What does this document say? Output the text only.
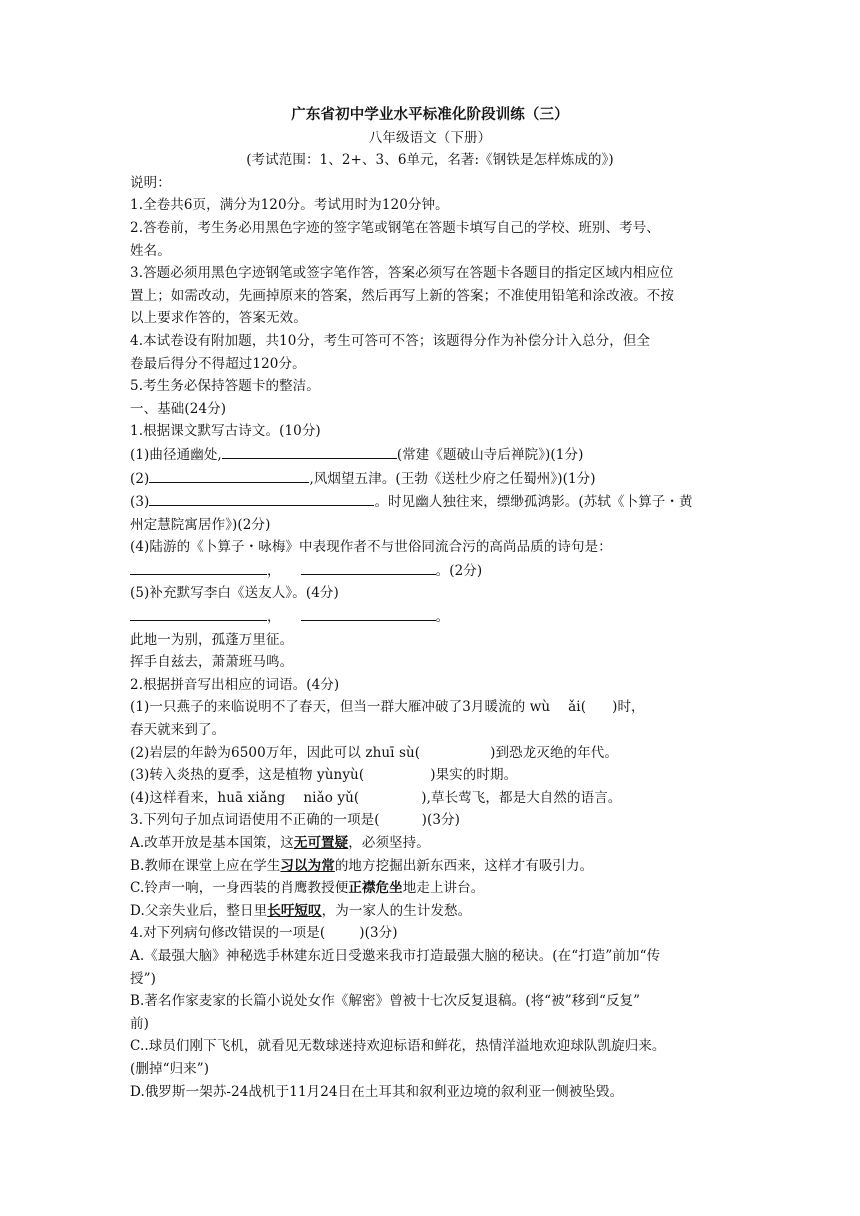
广东省初中学业水平标准化阶段训练（三）
八年级语文（下册）
(考试范围：1、2+、3、6单元，名著:《钢铁是怎样炼成的》)
说明：
1.全卷共6页，满分为120分。考试用时为120分钟。
2.答卷前，考生务必用黑色字迹的签字笔或钢笔在答题卡填写自己的学校、班别、考号、
姓名。
3.答题必须用黑色字迹钢笔或签字笔作答，答案必须写在答题卡各题目的指定区域内相应位
置上；如需改动，先画掉原来的答案，然后再写上新的答案；不准使用铅笔和涂改液。不按
以上要求作答的，答案无效。
4.本试卷设有附加题，共10分，考生可答可不答；该题得分作为补偿分计入总分，但全
卷最后得分不得超过120分。
5.考生务必保持答题卡的整洁。
一、基础(24分)
1.根据课文默写古诗文。(10分)
(1)曲径通幽处,	(常建《题破山寺后禅院》)(1分)
(2)	,风烟望五津。(王勃《送杜少府之任蜀州》)(1分)
(3)	。时见幽人独往来，缥缈孤鸿影。(苏轼《卜算子・黄
州定慧院寓居作》)(2分)
(4)陆游的《卜算子・咏梅》中表现作者不与世俗同流合污的高尚品质的诗句是：
，	。(2分)
(5)补充默写李白《送友人》。(4分)
，	。
此地一为别，孤蓬万里征。
挥手自兹去，萧萧班马鸣。
2.根据拼音写出相应的词语。(4分)
(1)一只燕子的来临说明不了春天，但当一群大雁冲破了3月暖流的 wù ǎi( )时，
春天就来到了。
(2)岩层的年龄为6500万年，因此可以 zhuī sù(	)到恐龙灭绝的年代。
(3)转入炎热的夏季，这是植物 yùnyù(	)果实的时期。
(4)这样看来，huā xiǎng niǎo yǔ(	),草长莺飞，都是大自然的语言。
3.下列句子加点词语使用不正确的一项是(	)(3分)
A.改革开放是基本国策，这无可置疑，必须坚持。
B.教师在课堂上应在学生习以为常的地方挖掘出新东西来，这样才有吸引力。
C.铃声一响，一身西装的肖鹰教授便正襟危坐地走上讲台。
D.父亲失业后，整日里长吁短叹，为一家人的生计发愁。
4.对下列病句修改错误的一项是(	)(3分)
A.《最强大脑》神秘选手林建东近日受邀来我市打造最强大脑的秘诀。(在“打造”前加“传
授”)
B.著名作家麦家的长篇小说处女作《解密》曾被十七次反复退稿。(将“被”移到“反复”
前)
C..球员们刚下飞机，就看见无数球迷持欢迎标语和鲜花，热情洋溢地欢迎球队凯旋归来。
(删掉“归来”)
D.俄罗斯一架苏-24战机于11月24日在土耳其和叙利亚边境的叙利亚一侧被坠毁。
